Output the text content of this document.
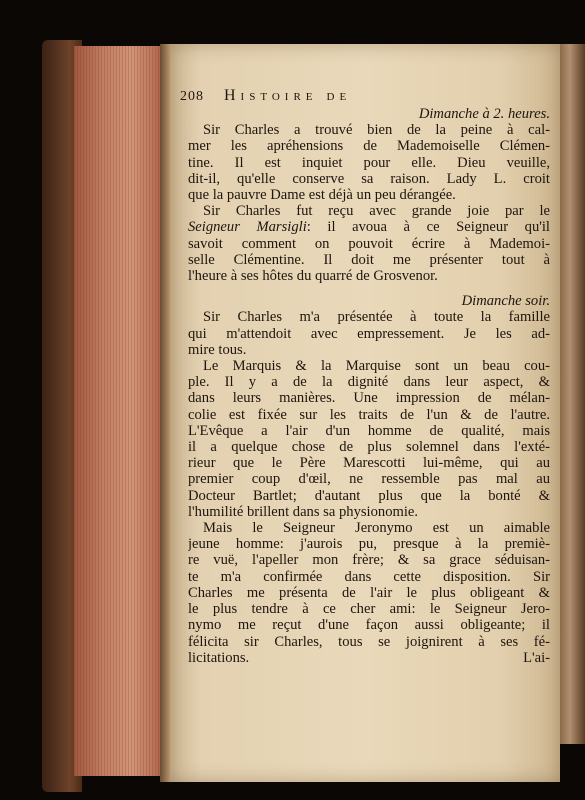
208	Histoire de

Dimanche à 2. heures.

Sir Charles a trouvé bien de la peine à cal-
mer les apréhensions de Mademoiselle Clémen-
tine. Il est inquiet pour elle. Dieu veuille,
dit-il, qu'elle conserve sa raison. Lady L. croit
que la pauvre Dame est déjà un peu dérangée.
Sir Charles fut reçu avec grande joie par le
Seigneur Marsigli: il avoua à ce Seigneur qu'il
savoit comment on pouvoit écrire à Mademoi-
selle Clémentine. Il doit me présenter tout à
l'heure à ses hôtes du quarré de Grosvenor.

Dimanche soir.

Sir Charles m'a présentée à toute la famille
qui m'attendoit avec empressement. Je les ad-
mire tous.
Le Marquis & la Marquise sont un beau cou-
ple. Il y a de la dignité dans leur aspect, &
dans leurs manières. Une impression de mélan-
colie est fixée sur les traits de l'un & de l'autre.
L'Evêque a l'air d'un homme de qualité, mais
il a quelque chose de plus solemnel dans l'exté-
rieur que le Père Marescotti lui-même, qui au
premier coup d'œil, ne ressemble pas mal au
Docteur Bartlet; d'autant plus que la bonté &
l'humilité brillent dans sa physionomie.
Mais le Seigneur Jeronymo est un aimable
jeune homme: j'aurois pu, presque à la premiè-
re vuë, l'apeller mon frère; & sa grace séduisan-
te m'a confirmée dans cette disposition. Sir
Charles me présenta de l'air le plus obligeant &
le plus tendre à ce cher ami: le Seigneur Jero-
nymo me reçut d'une façon aussi obligeante; il
félicita sir Charles, tous se joignirent à ses fé-
licitations.	L'ai-
